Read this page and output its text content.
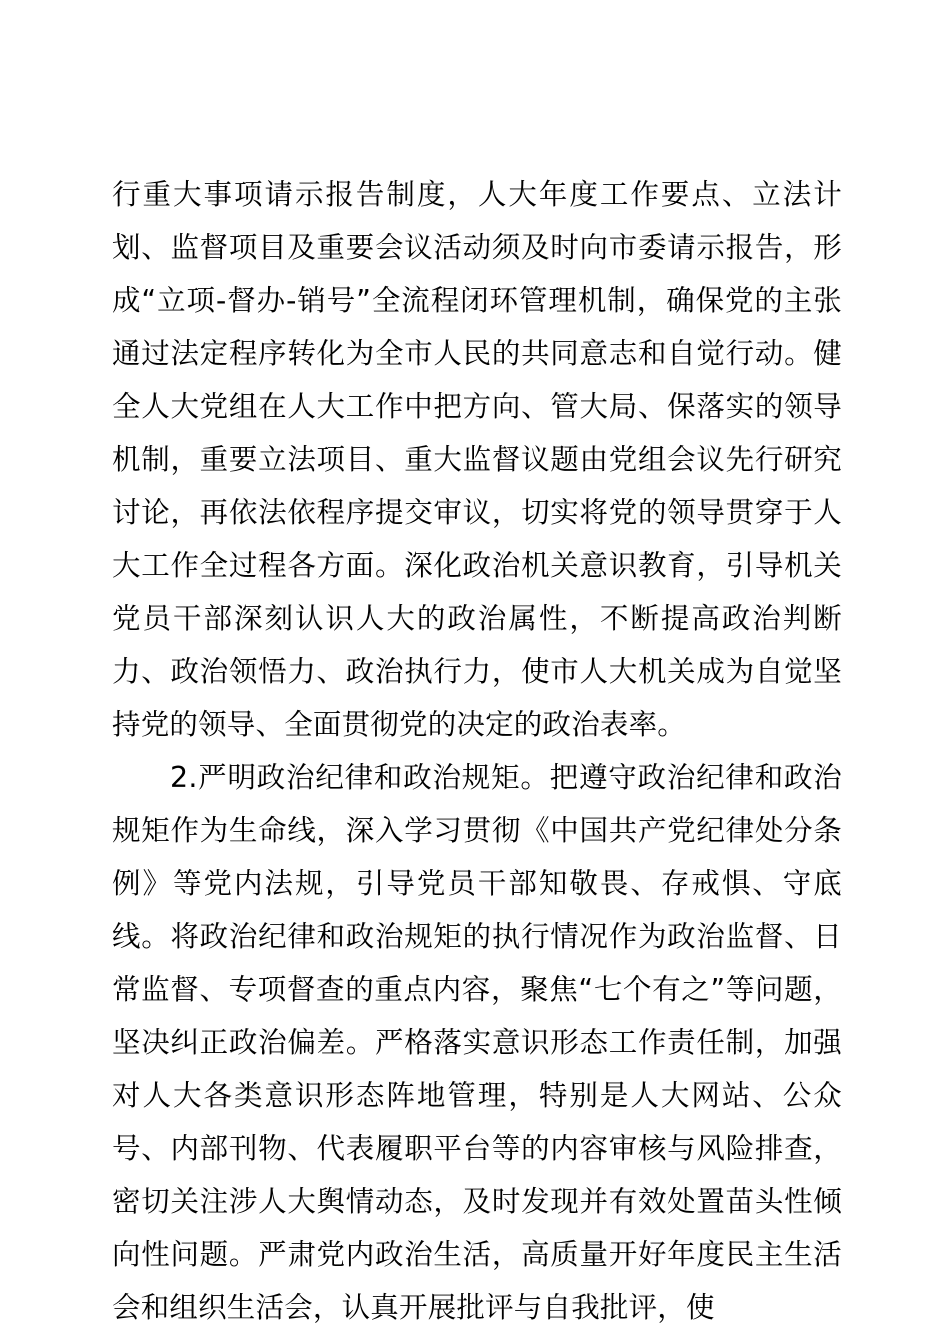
行重大事项请示报告制度，人大年度工作要点、立法计划、监督项目及重要会议活动须及时向市委请示报告，形成“立项-督办-销号”全流程闭环管理机制，确保党的主张通过法定程序转化为全市人民的共同意志和自觉行动。健全人大党组在人大工作中把方向、管大局、保落实的领导机制，重要立法项目、重大监督议题由党组会议先行研究讨论，再依法依程序提交审议，切实将党的领导贯穿于人大工作全过程各方面。深化政治机关意识教育，引导机关党员干部深刻认识人大的政治属性，不断提高政治判断力、政治领悟力、政治执行力，使市人大机关成为自觉坚持党的领导、全面贯彻党的决定的政治表率。

2.严明政治纪律和政治规矩。把遵守政治纪律和政治规矩作为生命线，深入学习贯彻《中国共产党纪律处分条例》等党内法规，引导党员干部知敬畏、存戒惧、守底线。将政治纪律和政治规矩的执行情况作为政治监督、日常监督、专项督查的重点内容，聚焦“七个有之”等问题，坚决纠正政治偏差。严格落实意识形态工作责任制，加强对人大各类意识形态阵地管理，特别是人大网站、公众号、内部刊物、代表履职平台等的内容审核与风险排查，密切关注涉人大舆情动态，及时发现并有效处置苗头性倾向性问题。严肃党内政治生活，高质量开好年度民主生活会和组织生活会，认真开展批评与自我批评，使
